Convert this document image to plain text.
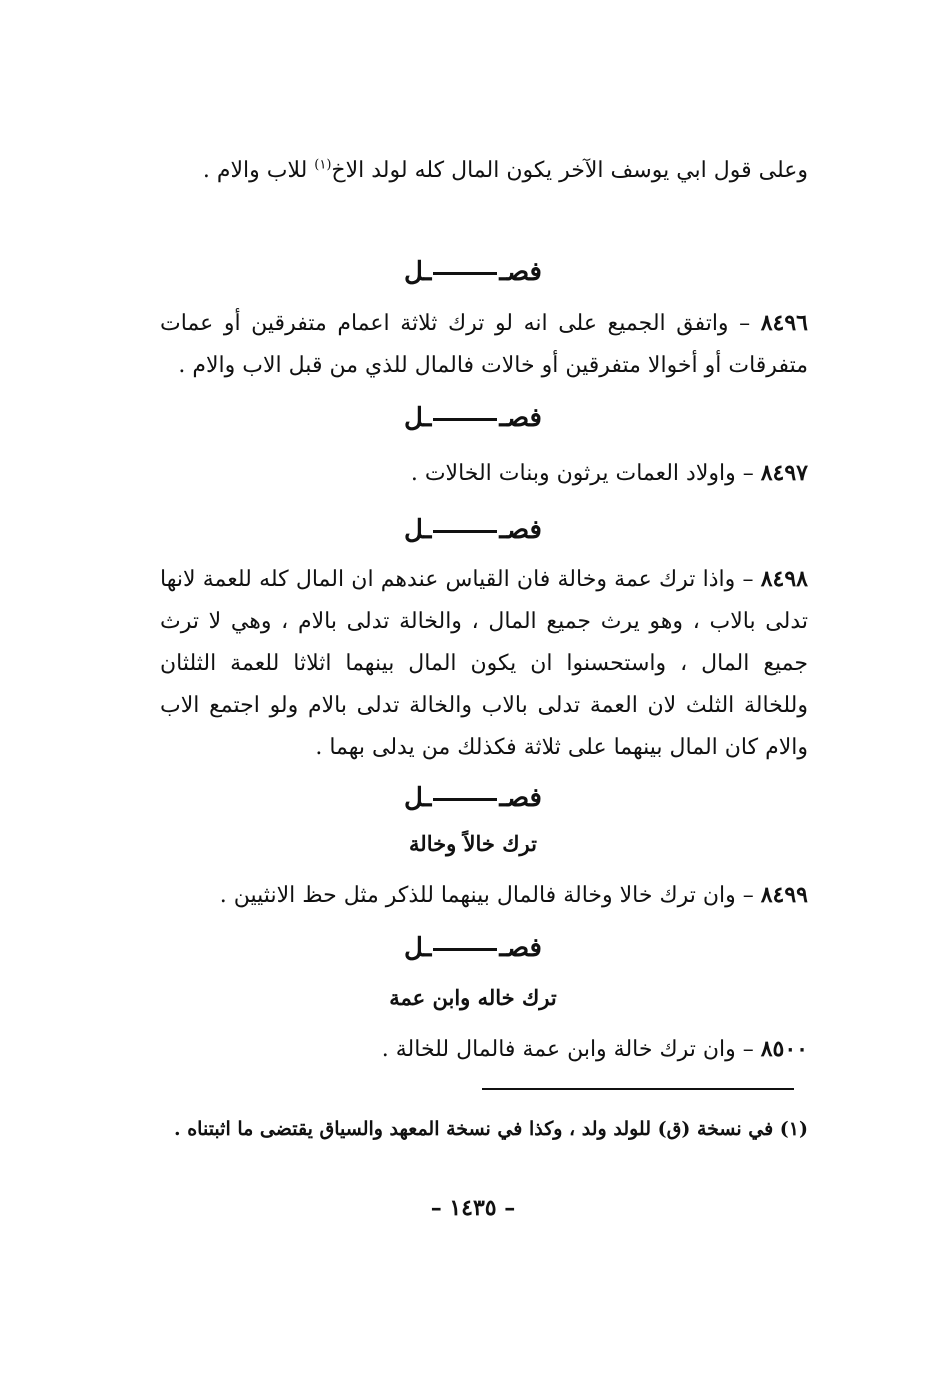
وعلى قول ابي يوسف الآخر يكون المال كله لولد الاخ$^{(١)}$ للاب والام .

فصــل

٨٤٩٦ – واتفق الجميع على انه لو ترك ثلاثة اعمام متفرقين أو عمات متفرقات أو أخوالا متفرقين أو خالات فالمال للذي من قبل الاب والام .

فصــل

٨٤٩٧ – واولاد العمات يرثون وبنات الخالات .

فصــل

٨٤٩٨ – واذا ترك عمة وخالة فان القياس عندهم ان المال كله للعمة لانها تدلى بالاب ، وهو يرث جميع المال ، والخالة تدلى بالام ، وهي لا ترث جميع المال ، واستحسنوا ان يكون المال بينهما اثلاثا للعمة الثلثان وللخالة الثلث لان العمة تدلى بالاب والخالة تدلى بالام ولو اجتمع الاب والام كان المال بينهما على ثلاثة فكذلك من يدلى بهما .

فصــل
ترك خالاً وخالة

٨٤٩٩ – وان ترك خالا وخالة فالمال بينهما للذكر مثل حظ الانثيين .

فصــل
ترك خاله وابن عمة

٨٥٠٠ – وان ترك خالة وابن عمة فالمال للخالة .

(١) في نسخة (ق) للولد ولد ، وكذا في نسخة المعهد والسياق يقتضى ما اثبتناه .

– ١٤٣٥ –
